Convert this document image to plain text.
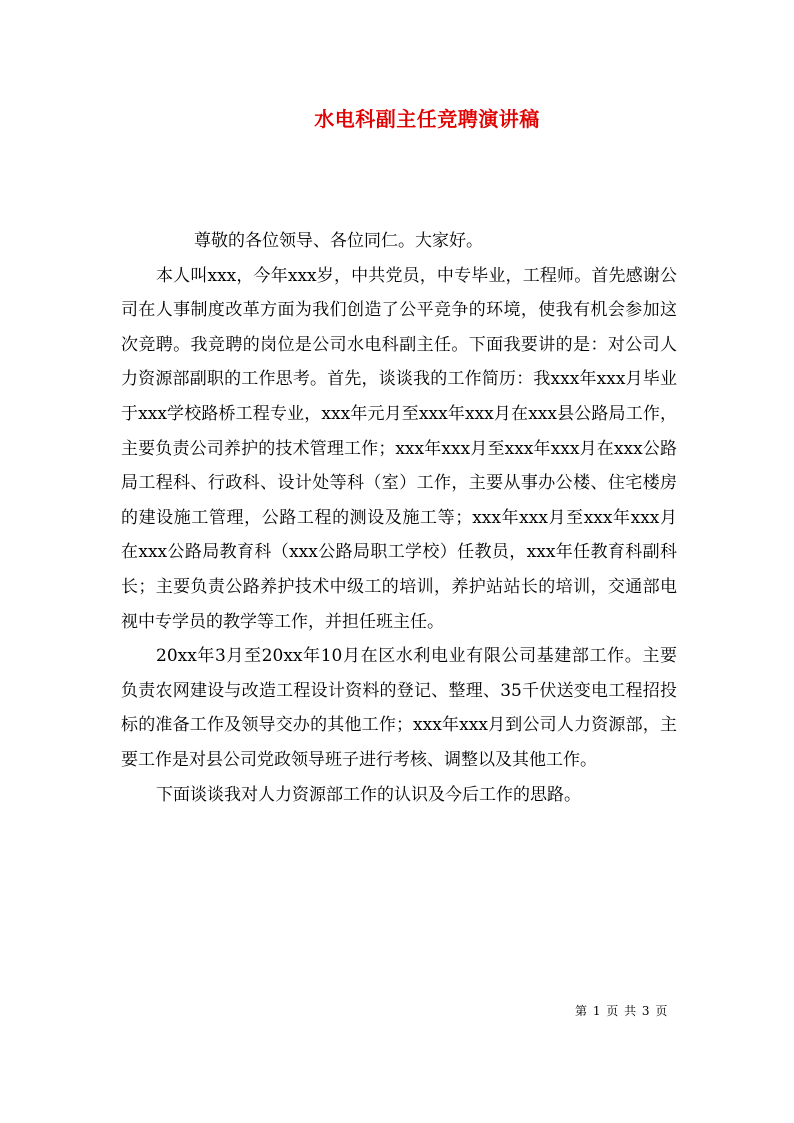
水电科副主任竞聘演讲稿

尊敬的各位领导、各位同仁。大家好。

本人叫xxx，今年xxx岁，中共党员，中专毕业，工程师。首先感谢公司在人事制度改革方面为我们创造了公平竞争的环境，使我有机会参加这次竞聘。我竞聘的岗位是公司水电科副主任。下面我要讲的是：对公司人力资源部副职的工作思考。首先，谈谈我的工作简历：我xxx年xxx月毕业于xxx学校路桥工程专业，xxx年元月至xxx年xxx月在xxx县公路局工作，主要负责公司养护的技术管理工作；xxx年xxx月至xxx年xxx月在xxx公路局工程科、行政科、设计处等科（室）工作，主要从事办公楼、住宅楼房的建设施工管理，公路工程的测设及施工等；xxx年xxx月至xxx年xxx月在xxx公路局教育科（xxx公路局职工学校）任教员，xxx年任教育科副科长；主要负责公路养护技术中级工的培训，养护站站长的培训，交通部电视中专学员的教学等工作，并担任班主任。

20xx年3月至20xx年10月在区水利电业有限公司基建部工作。主要负责农网建设与改造工程设计资料的登记、整理、35千伏送变电工程招投标的准备工作及领导交办的其他工作；xxx年xxx月到公司人力资源部，主要工作是对县公司党政领导班子进行考核、调整以及其他工作。

下面谈谈我对人力资源部工作的认识及今后工作的思路。

第 1 页 共 3 页
